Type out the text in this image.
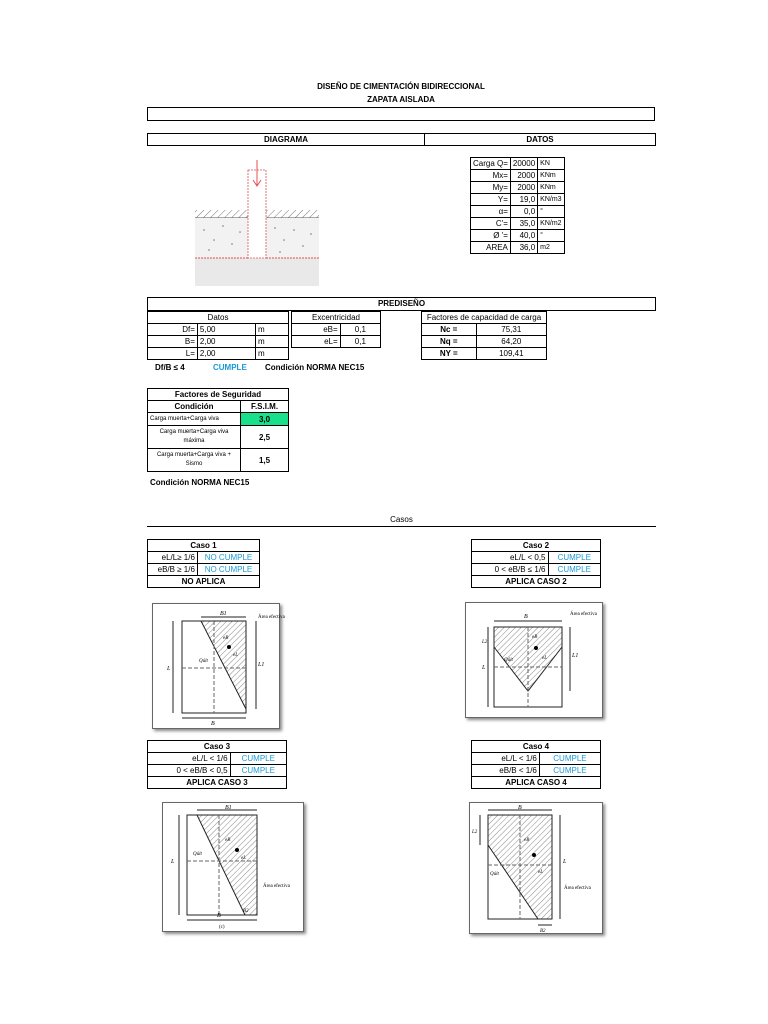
DISEÑO DE CIMENTACIÓN BIDIRECCIONAL
ZAPATA AISLADA
DIAGRAMA	DATOS
Carga Q=	20000	KN
Mx=	2000	KNm
My=	2000	KNm
Y=	19,0	KN/m3
α=	0,0	°
C'=	35,0	KN/m2
Ø '=	40,0	°
AREA	36,0	m2
PREDISEÑO
Datos		
Df=	5,00	m
B=	2,00	m
L=	2,00	m
Excentricidad	
eB=	0,1
eL=	0,1
Factores de capacidad de carga	
Nc =	75,31
Nq =	64,20
NY =	109,41
Df/B ≤ 4	CUMPLE Condición NORMA NEC15
Factores de Seguridad	
Condición	F.S.I.M.
Carga muerta+Carga viva	3,0
Carga muerta+Carga viva máxima	2,5
Carga muerta+Carga viva + Sismo	1,5
Condición NORMA NEC15
Casos
Caso 1	
eL/L≥ 1/6	NO CUMPLE
eB/B ≥ 1/6	NO CUMPLE
NO APLICA	
Caso 2	
eL/L < 0,5	CUMPLE
0 < eB/B ≤ 1/6	CUMPLE
APLICA CASO 2	
B1
B
L
L1
eB
eL
Qúlt
Área efectiva	B
L
L2
L1
eB
eL
Qúlt
Área efectiva
Caso 3	
eL/L < 1/6	CUMPLE
0 < eB/B < 0,5	CUMPLE
APLICA CASO 3	
Caso 4	
eL/L < 1/6	CUMPLE
eB/B < 1/6	CUMPLE
APLICA CASO 4	
B1
B
B2
L
eB
eL
Qúlt
Área efectiva
(c)
B
L2
L
B2
eB
eL
Qúlt
Área efectiva
